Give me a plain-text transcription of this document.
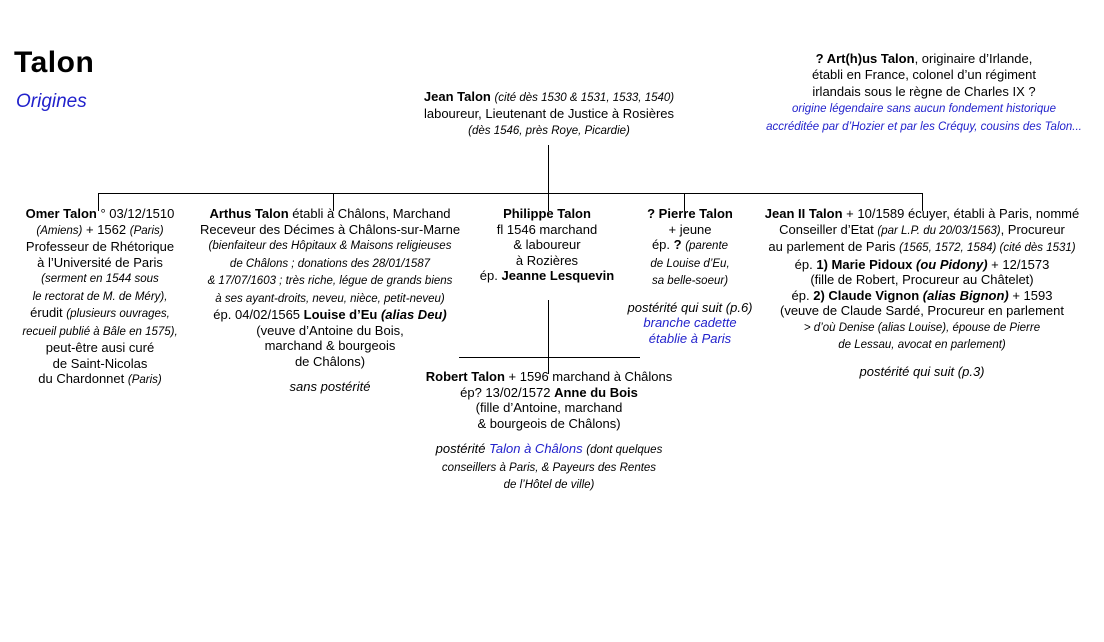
Talon
Origines	Jean Talon (cité dès 1530 & 1531, 1533, 1540)
laboureur, Lieutenant de Justice à Rosières
(dès 1546, près Roye, Picardie)
? Art(h)us Talon, originaire d’Irlande,
établi en France, colonel d’un régiment
irlandais sous le règne de Charles IX ?
origine légendaire sans aucun fondement historique
accréditée par d’Hozier et par les Créquy, cousins des Talon...
Omer Talon ° 03/12/1510
(Amiens) + 1562 (Paris)
Professeur de Rhétorique
à l’Université de Paris
(serment en 1544 sous
le rectorat de M. de Méry),
érudit (plusieurs ouvrages,
recueil publié à Bâle en 1575),
peut-être ausi curé
de Saint-Nicolas
du Chardonnet (Paris)
Arthus Talon établi à Châlons, Marchand
Receveur des Décimes à Châlons-sur-Marne
(bienfaiteur des Hôpitaux & Maisons religieuses
de Châlons ; donations des 28/01/1587
& 17/07/1603 ; très riche, légue de grands biens
à ses ayant-droits, neveu, nièce, petit-neveu)
ép. 04/02/1565 Louise d’Eu (alias Deu)
(veuve d’Antoine du Bois,
marchand & bourgeois
de Châlons)
sans postérité
Philippe Talon
fl 1546 marchand
& laboureur
à Rozières
ép. Jeanne Lesquevin
? Pierre Talon
+ jeune
ép. ? (parente
de Louise d’Eu,
sa belle-soeur)
postérité qui suit (p.6)
branche cadette
établie à Paris
Jean II Talon + 10/1589 écuyer, établi à Paris, nommé
Conseiller d’Etat (par L.P. du 20/03/1563), Procureur
au parlement de Paris (1565, 1572, 1584) (cité dès 1531)
ép. 1) Marie Pidoux (ou Pidony) + 12/1573
(fille de Robert, Procureur au Châtelet)
ép. 2) Claude Vignon (alias Bignon) + 1593
(veuve de Claude Sardé, Procureur en parlement
> d’où Denise (alias Louise), épouse de Pierre
de Lessau, avocat en parlement)
postérité qui suit (p.3)
Robert Talon + 1596 marchand à Châlons
ép? 13/02/1572 Anne du Bois
(fille d’Antoine, marchand
& bourgeois de Châlons)
postérité Talon à Châlons (dont quelques
conseillers à Paris, & Payeurs des Rentes
de l’Hôtel de ville)
